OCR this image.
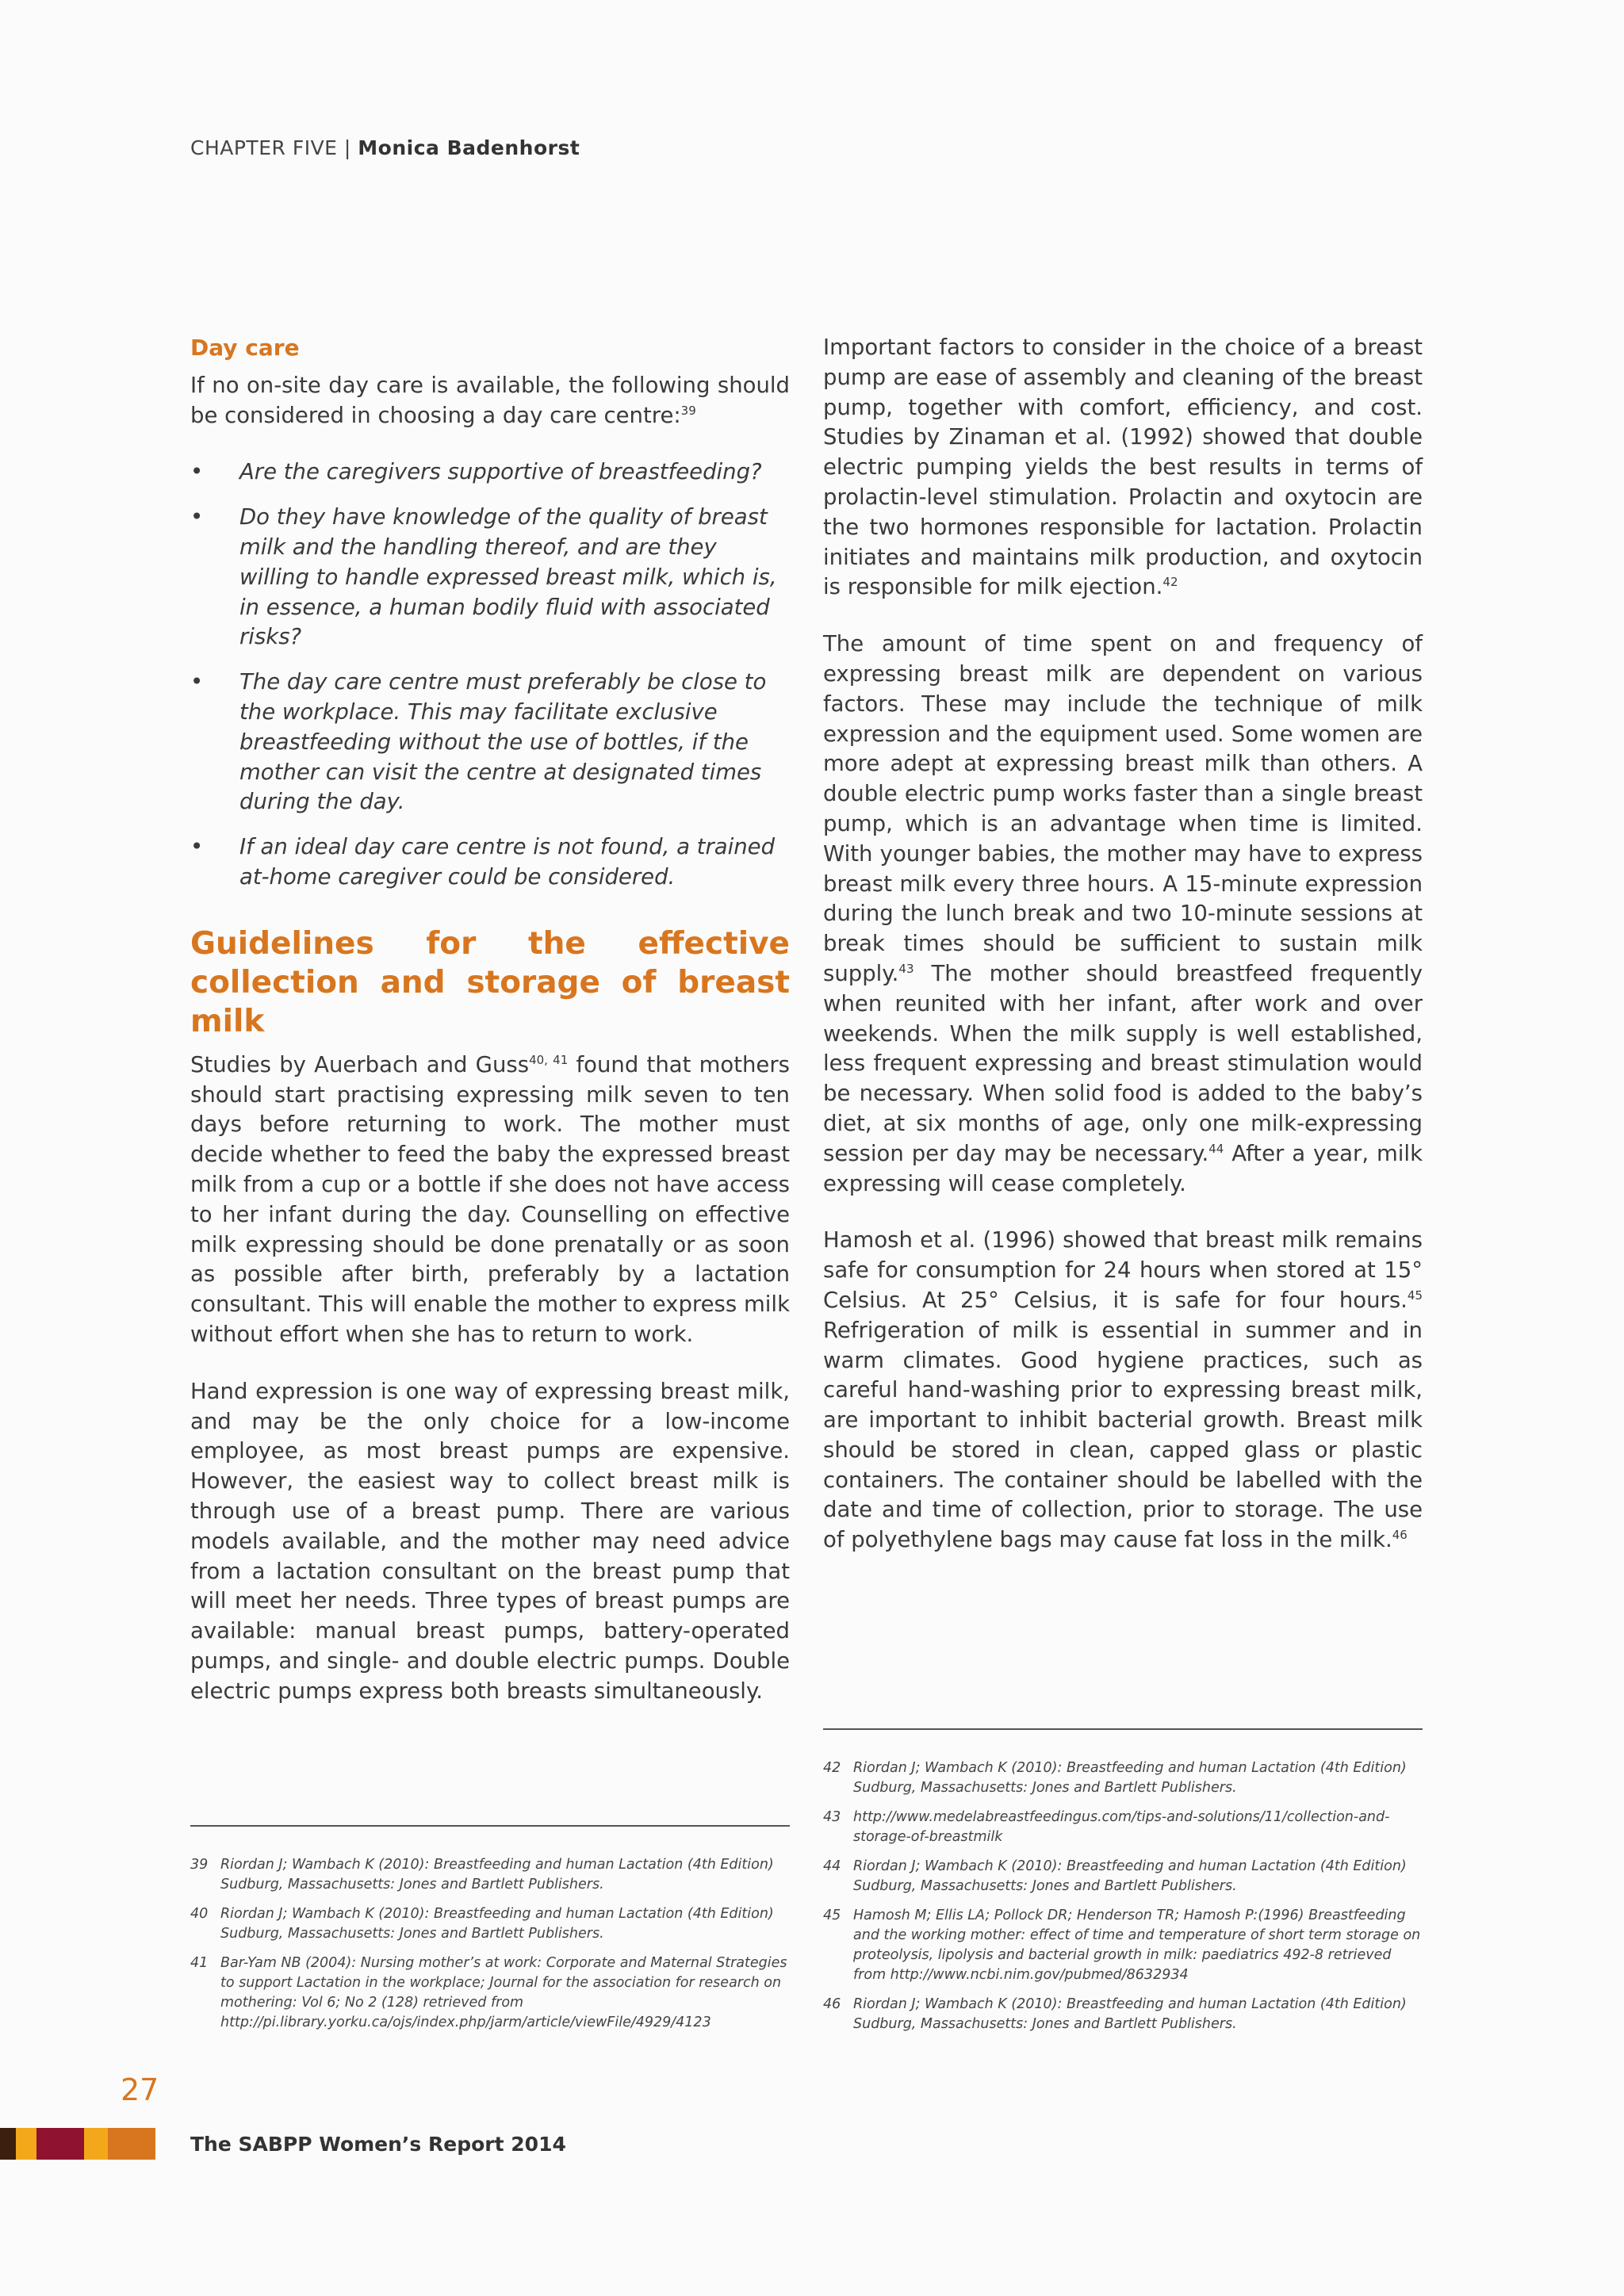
CHAPTER FIVE | Monica Badenhorst
Day care

If no on-site day care is available, the following should be considered in choosing a day care centre:$^{39}$

• Are the caregivers supportive of breastfeeding?
• Do they have knowledge of the quality of breast milk and the handling thereof, and are they willing to handle expressed breast milk, which is, in essence, a human bodily fluid with associated risks?
• The day care centre must preferably be close to the workplace. This may facilitate exclusive breastfeeding without the use of bottles, if the mother can visit the centre at designated times during the day.
• If an ideal day care centre is not found, a trained at-home caregiver could be considered.
Guidelines for the effective collection and storage of breast milk

Studies by Auerbach and Guss$^{40, 41}$ found that mothers should start practising expressing milk seven to ten days before returning to work. The mother must decide whether to feed the baby the expressed breast milk from a cup or a bottle if she does not have access to her infant during the day. Counselling on effective milk expressing should be done prenatally or as soon as possible after birth, preferably by a lactation consultant. This will enable the mother to express milk without effort when she has to return to work.

Hand expression is one way of expressing breast milk, and may be the only choice for a low-income employee, as most breast pumps are expensive. However, the easiest way to collect breast milk is through use of a breast pump. There are various models available, and the mother may need advice from a lactation consultant on the breast pump that will meet her needs. Three types of breast pumps are available: manual breast pumps, battery-operated pumps, and single- and double electric pumps. Double electric pumps express both breasts simultaneously.

Important factors to consider in the choice of a breast pump are ease of assembly and cleaning of the breast pump, together with comfort, efficiency, and cost. Studies by Zinaman et al. (1992) showed that double electric pumping yields the best results in terms of prolactin-level stimulation. Prolactin and oxytocin are the two hormones responsible for lactation. Prolactin initiates and maintains milk production, and oxytocin is responsible for milk ejection.$^{42}$

The amount of time spent on and frequency of expressing breast milk are dependent on various factors. These may include the technique of milk expression and the equipment used. Some women are more adept at expressing breast milk than others. A double electric pump works faster than a single breast pump, which is an advantage when time is limited. With younger babies, the mother may have to express breast milk every three hours. A 15-minute expression during the lunch break and two 10-minute sessions at break times should be sufficient to sustain milk supply.$^{43}$ The mother should breastfeed frequently when reunited with her infant, after work and over weekends. When the milk supply is well established, less frequent expressing and breast stimulation would be necessary. When solid food is added to the baby’s diet, at six months of age, only one milk-expressing session per day may be necessary.$^{44}$ After a year, milk expressing will cease completely.

Hamosh et al. (1996) showed that breast milk remains safe for consumption for 24 hours when stored at 15° Celsius. At 25° Celsius, it is safe for four hours.$^{45}$ Refrigeration of milk is essential in summer and in warm climates. Good hygiene practices, such as careful hand-washing prior to expressing breast milk, are important to inhibit bacterial growth. Breast milk should be stored in clean, capped glass or plastic containers. The container should be labelled with the date and time of collection, prior to storage. The use of polyethylene bags may cause fat loss in the milk.$^{46}$

42 Riordan J; Wambach K (2010): Breastfeeding and human Lactation (4th Edition) Sudburg, Massachusetts: Jones and Bartlett Publishers.
43 http://www.medelabreastfeedingus.com/tips-and-solutions/11/collection-and-storage-of-breastmilk
44 Riordan J; Wambach K (2010): Breastfeeding and human Lactation (4th Edition) Sudburg, Massachusetts: Jones and Bartlett Publishers.
45 Hamosh M; Ellis LA; Pollock DR; Henderson TR; Hamosh P:(1996) Breastfeeding and the working mother: effect of time and temperature of short term storage on proteolysis, lipolysis and bacterial growth in milk: paediatrics 492-8 retrieved from http://www.ncbi.nim.gov/pubmed/8632934
46 Riordan J; Wambach K (2010): Breastfeeding and human Lactation (4th Edition) Sudburg, Massachusetts: Jones and Bartlett Publishers.
39 Riordan J; Wambach K (2010): Breastfeeding and human Lactation (4th Edition) Sudburg, Massachusetts: Jones and Bartlett Publishers.
40 Riordan J; Wambach K (2010): Breastfeeding and human Lactation (4th Edition) Sudburg, Massachusetts: Jones and Bartlett Publishers.
41 Bar-Yam NB (2004): Nursing mother’s at work: Corporate and Maternal Strategies to support Lactation in the workplace; Journal for the association for research on mothering: Vol 6; No 2 (128) retrieved from http://pi.library.yorku.ca/ojs/index.php/jarm/article/viewFile/4929/4123
27
The SABPP Women’s Report 2014
